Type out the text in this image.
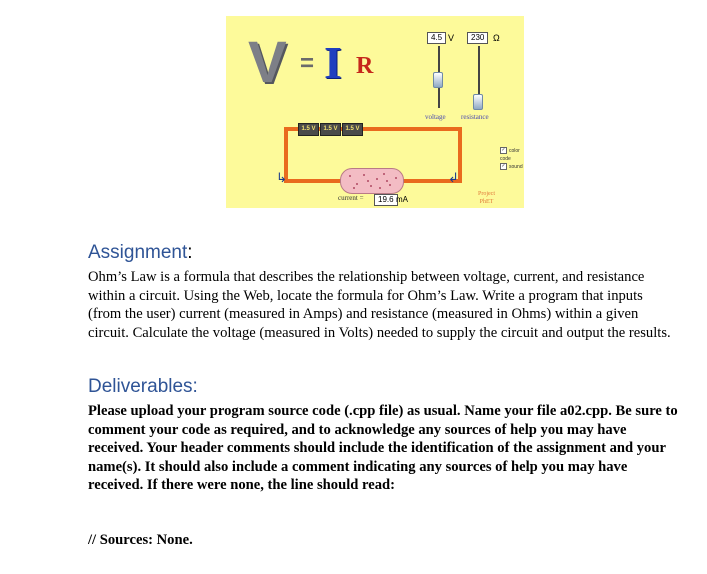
V = I R
4.5 V
voltage
230 Ω
resistance
1.5 V	1.5 V	1.5 V
↳	↲
current =	19.6 mA
✓ color code
✓ sound
Project
PhET
Assignment:

Ohm’s Law is a formula that describes the relationship between voltage, current, and resistance within a circuit. Using the Web, locate the formula for Ohm’s Law. Write a program that inputs (from the user) current (measured in Amps) and resistance (measured in Ohms) within a given circuit. Calculate the voltage (measured in Volts) needed to supply the circuit and output the results.

Deliverables:

Please upload your program source code (.cpp file) as usual. Name your file a02.cpp. Be sure to comment your code as required, and to acknowledge any sources of help you may have received. Your header comments should include the identification of the assignment and your name(s). It should also include a comment indicating any sources of help you may have received. If there were none, the line should read:

// Sources: None.
